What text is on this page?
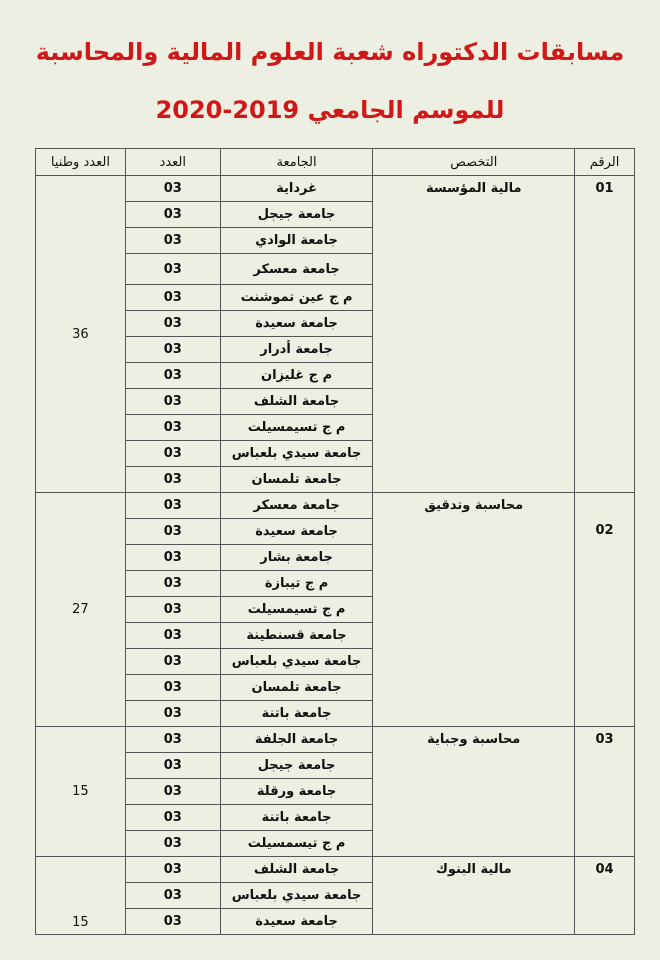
مسابقات الدكتوراه شعبة العلوم المالية والمحاسبة
للموسم الجامعي 2019-2020
الرقم	التخصص	الجامعة	العدد	العدد وطنيا
01	مالية المؤسسة	غرداية	03	36
		جامعة جيجل	03	
		جامعة الوادي	03	
		جامعة معسكر	03	
		م ج عين تموشنت	03	
		جامعة سعيدة	03	
		جامعة أدرار	03	
		م ج غليزان	03	
		جامعة الشلف	03	
		م ج تسيمسيلت	03	
		جامعة سيدي بلعباس	03	
		جامعة تلمسان	03	
02	محاسبة وتدقيق	جامعة معسكر	03	27
		جامعة سعيدة	03	
		جامعة بشار	03	
		م ج تيبازة	03	
		م ج تسيمسيلت	03	
		جامعة قسنطينة	03	
		جامعة سيدي بلعباس	03	
		جامعة تلمسان	03	
		جامعة باتنة	03	
03	محاسبة وجباية	جامعة الجلفة	03	15
		جامعة جيجل	03	
		جامعة ورقلة	03	
		جامعة باتنة	03	
		م ج تيسمسيلت	03	
04	مالية البنوك	جامعة الشلف	03	15
		جامعة سيدي بلعباس	03	
		جامعة سعيدة	03	
